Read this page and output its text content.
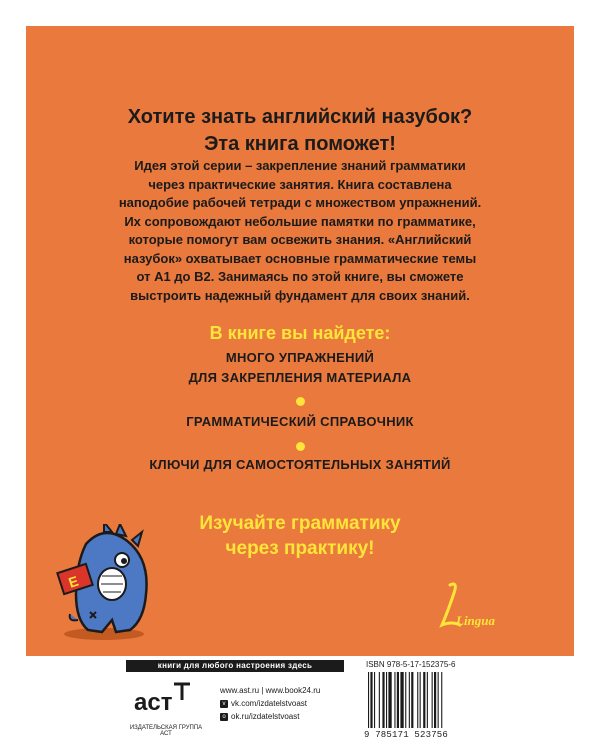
Хотите знать английский назубок?
Эта книга поможет!
Идея этой серии – закрепление знаний грамматики
через практические занятия. Книга составлена
наподобие рабочей тетради с множеством упражнений.
Их сопровождают небольшие памятки по грамматике,
которые помогут вам освежить знания. «Английский
назубок» охватывает основные грамматические темы
от A1 до B2. Занимаясь по этой книге, вы сможете
выстроить надежный фундамент для своих знаний.
В книге вы найдете:
МНОГО УПРАЖНЕНИЙ
ДЛЯ ЗАКРЕПЛЕНИЯ МАТЕРИАЛА
ГРАММАТИЧЕСКИЙ СПРАВОЧНИК
КЛЮЧИ ДЛЯ САМОСТОЯТЕЛЬНЫХ ЗАНЯТИЙ
Изучайте грамматику
через практику!
Е
Lingua
книги для любого настроения здесь
аст
ИЗДАТЕЛЬСКАЯ ГРУППА АСТ
www.ast.ru | www.book24.ru
v vk.com/izdatelstvoast
o ok.ru/izdatelstvoast
ISBN 978-5-17-152375-6
9 785171 523756
